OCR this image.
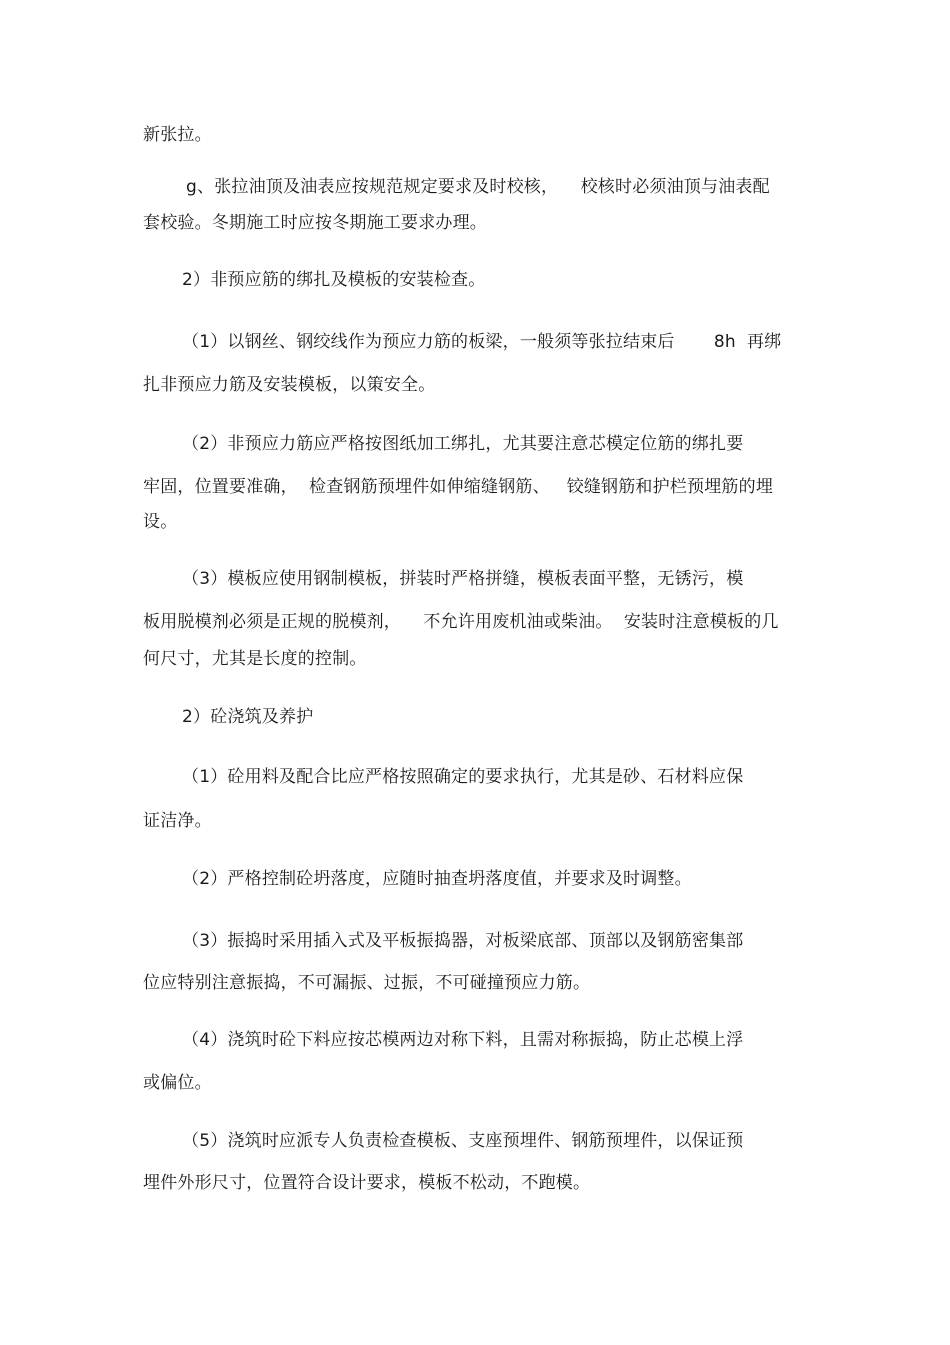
新张拉。
g、张拉油顶及油表应按规范规定要求及时校核，    校核时必须油顶与油表配
套校验。冬期施工时应按冬期施工要求办理。
2）非预应筋的绑扎及模板的安装检查。
（1）以钢丝、钢绞线作为预应力筋的板梁，一般须等张拉结束后       8h  再绑
扎非预应力筋及安装模板，以策安全。
（2）非预应力筋应严格按图纸加工绑扎，尤其要注意芯模定位筋的绑扎要
牢固，位置要准确，  检查钢筋预埋件如伸缩缝钢筋、   铰缝钢筋和护栏预埋筋的埋
设。
（3）模板应使用钢制模板，拼装时严格拼缝，模板表面平整，无锈污，模
板用脱模剂必须是正规的脱模剂，    不允许用废机油或柴油。  安装时注意模板的几
何尺寸，尤其是长度的控制。
2）砼浇筑及养护
（1）砼用料及配合比应严格按照确定的要求执行，尤其是砂、石材料应保
证洁净。
（2）严格控制砼坍落度，应随时抽查坍落度值，并要求及时调整。
（3）振捣时采用插入式及平板振捣器，对板梁底部、顶部以及钢筋密集部
位应特别注意振捣，不可漏振、过振，不可碰撞预应力筋。
（4）浇筑时砼下料应按芯模两边对称下料，且需对称振捣，防止芯模上浮
或偏位。
（5）浇筑时应派专人负责检查模板、支座预埋件、钢筋预埋件，以保证预
埋件外形尺寸，位置符合设计要求，模板不松动，不跑模。
